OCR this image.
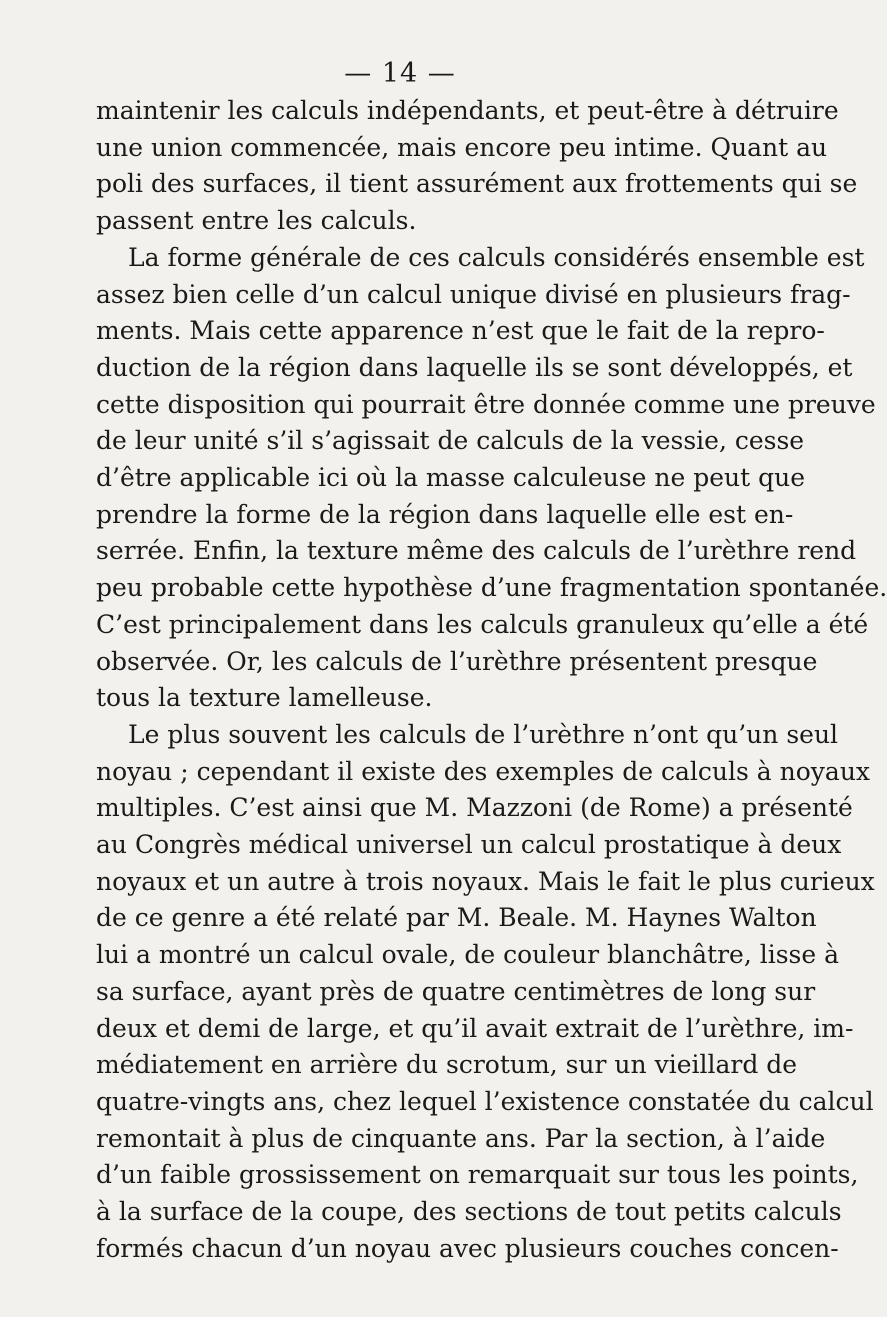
— 14 —
maintenir les calculs indépendants, et peut-être à détruire
une union commencée, mais encore peu intime. Quant au
poli des surfaces, il tient assurément aux frottements qui se
passent entre les calculs.
La forme générale de ces calculs considérés ensemble est
assez bien celle d’un calcul unique divisé en plusieurs frag-
ments. Mais cette apparence n’est que le fait de la repro-
duction de la région dans laquelle ils se sont développés, et
cette disposition qui pourrait être donnée comme une preuve
de leur unité s’il s’agissait de calculs de la vessie, cesse
d’être applicable ici où la masse calculeuse ne peut que
prendre la forme de la région dans laquelle elle est en-
serrée. Enfin, la texture même des calculs de l’urèthre rend
peu probable cette hypothèse d’une fragmentation spontanée.
C’est principalement dans les calculs granuleux qu’elle a été
observée. Or, les calculs de l’urèthre présentent presque
tous la texture lamelleuse.
Le plus souvent les calculs de l’urèthre n’ont qu’un seul
noyau ; cependant il existe des exemples de calculs à noyaux
multiples. C’est ainsi que M. Mazzoni (de Rome) a présenté
au Congrès médical universel un calcul prostatique à deux
noyaux et un autre à trois noyaux. Mais le fait le plus curieux
de ce genre a été relaté par M. Beale. M. Haynes Walton
lui a montré un calcul ovale, de couleur blanchâtre, lisse à
sa surface, ayant près de quatre centimètres de long sur
deux et demi de large, et qu’il avait extrait de l’urèthre, im-
médiatement en arrière du scrotum, sur un vieillard de
quatre-vingts ans, chez lequel l’existence constatée du calcul
remontait à plus de cinquante ans. Par la section, à l’aide
d’un faible grossissement on remarquait sur tous les points,
à la surface de la coupe, des sections de tout petits calculs
formés chacun d’un noyau avec plusieurs couches concen-
